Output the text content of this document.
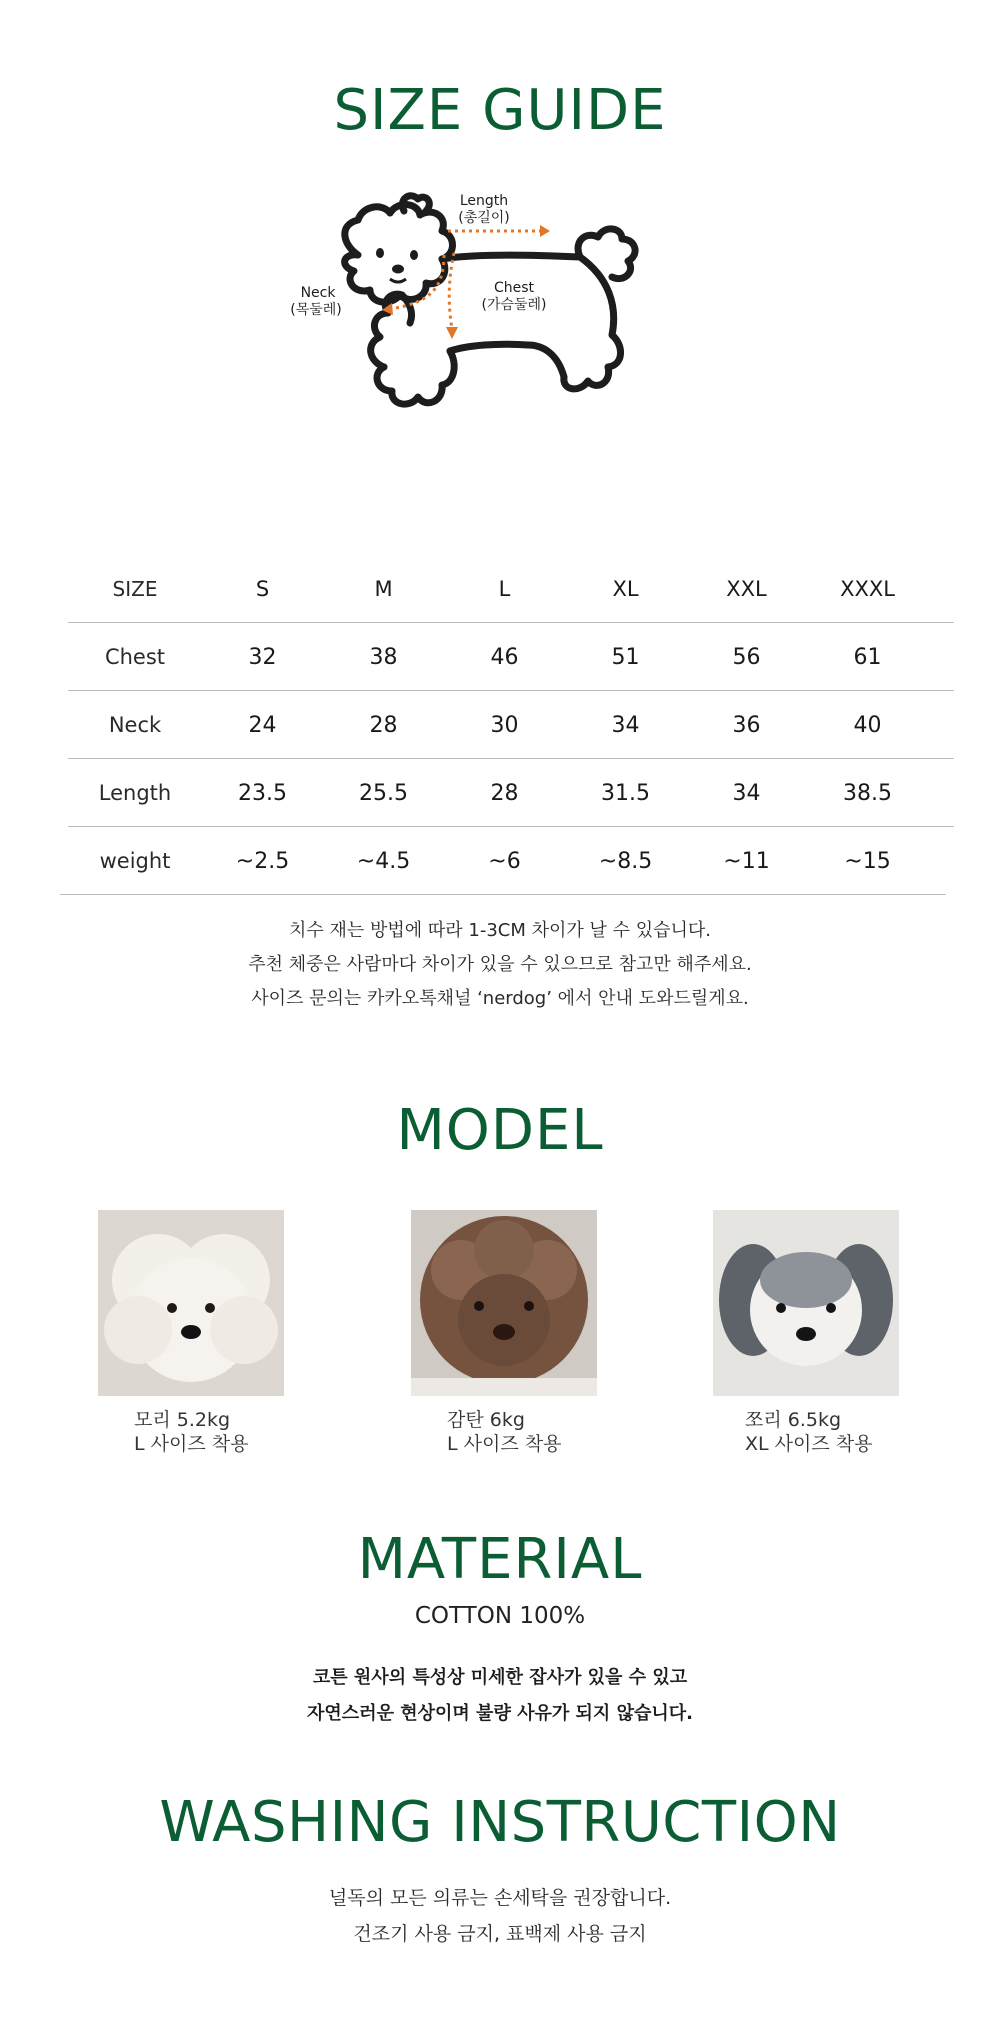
SIZE GUIDE
Length
(총길이)
Neck
(목둘레)
Chest
(가슴둘레)
SIZE	S	M	L	XL	XXL	XXXL
Chest	32	38	46	51	56	61
Neck	24	28	30	34	36	40
Length	23.5	25.5	28	31.5	34	38.5
weight	~2.5	~4.5	~6	~8.5	~11	~15
치수 재는 방법에 따라 1-3CM 차이가 날 수 있습니다.
추천 체중은 사람마다 차이가 있을 수 있으므로 참고만 해주세요.
사이즈 문의는 카카오톡채널 ‘nerdog’ 에서 안내 도와드릴게요.
MODEL
모리 5.2kg
L 사이즈 착용
감탄 6kg
L 사이즈 착용
쪼리 6.5kg
XL 사이즈 착용
MATERIAL
COTTON 100%
코튼 원사의 특성상 미세한 잡사가 있을 수 있고
자연스러운 현상이며 불량 사유가 되지 않습니다.
WASHING INSTRUCTION
널독의 모든 의류는 손세탁을 권장합니다.
건조기 사용 금지, 표백제 사용 금지
